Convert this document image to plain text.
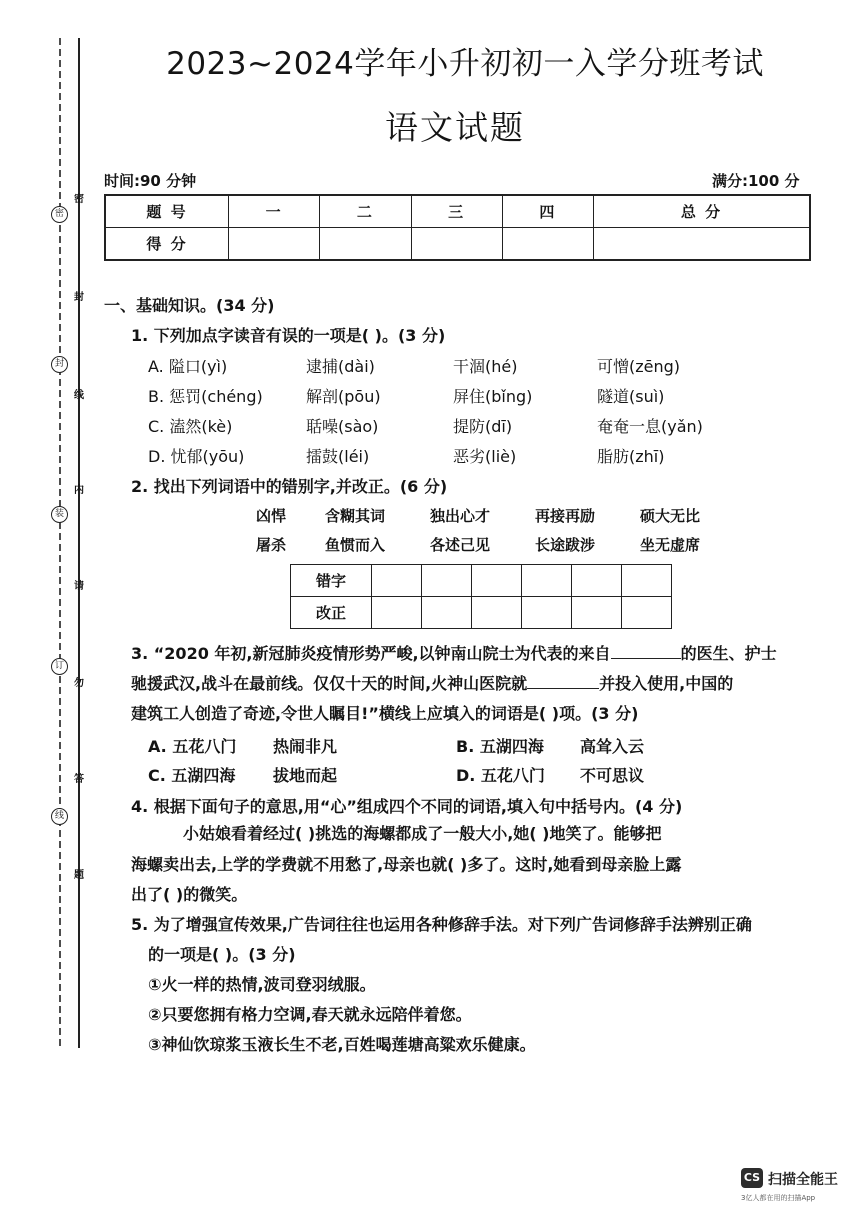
密
封
线
内
请
勿
答
题
密
封
装
订
线
2023~2024学年小升初初一入学分班考试
语文试题
时间:90 分钟	满分:100 分
题 号	一	二	三	四	总 分
得 分					
一、基础知识。(34 分)
1. 下列加点字读音有误的一项是( )。(3 分)
A. 隘口(yì)	逮捕(dài)	干涸(hé)	可憎(zēng)
B. 惩罚(chéng)	解剖(pōu)	屏住(bǐng)	隧道(suì)
C. 溘然(kè)	聒噪(sào)	提防(dī)	奄奄一息(yǎn)
D. 忧郁(yōu)	擂鼓(léi)	恶劣(liè)	脂肪(zhī)
2. 找出下列词语中的错别字,并改正。(6 分)
凶悍	含糊其词	独出心才	再接再励	硕大无比
屠杀	鱼惯而入	各述己见	长途跋涉	坐无虚席
错字						
改正						
3. “2020 年初,新冠肺炎疫情形势严峻,以钟南山院士为代表的来自	的医生、护士
驰援武汉,战斗在最前线。仅仅十天的时间,火神山医院就	并投入使用,中国的
建筑工人创造了奇迹,令世人瞩目!”横线上应填入的词语是( )项。(3 分)
A. 五花八门 热闹非凡	B. 五湖四海 高耸入云
C. 五湖四海 拔地而起	D. 五花八门 不可思议
4. 根据下面句子的意思,用“心”组成四个不同的词语,填入句中括号内。(4 分)
小姑娘看着经过( )挑选的海螺都成了一般大小,她( )地笑了。能够把
海螺卖出去,上学的学费就不用愁了,母亲也就( )多了。这时,她看到母亲脸上露
出了( )的微笑。
5. 为了增强宣传效果,广告词往往也运用各种修辞手法。对下列广告词修辞手法辨别正确
的一项是( )。(3 分)
①火一样的热情,波司登羽绒服。
②只要您拥有格力空调,春天就永远陪伴着您。
③神仙饮琼浆玉液长生不老,百姓喝莲塘高粱欢乐健康。
CS 扫描全能王
3亿人都在用的扫描App
